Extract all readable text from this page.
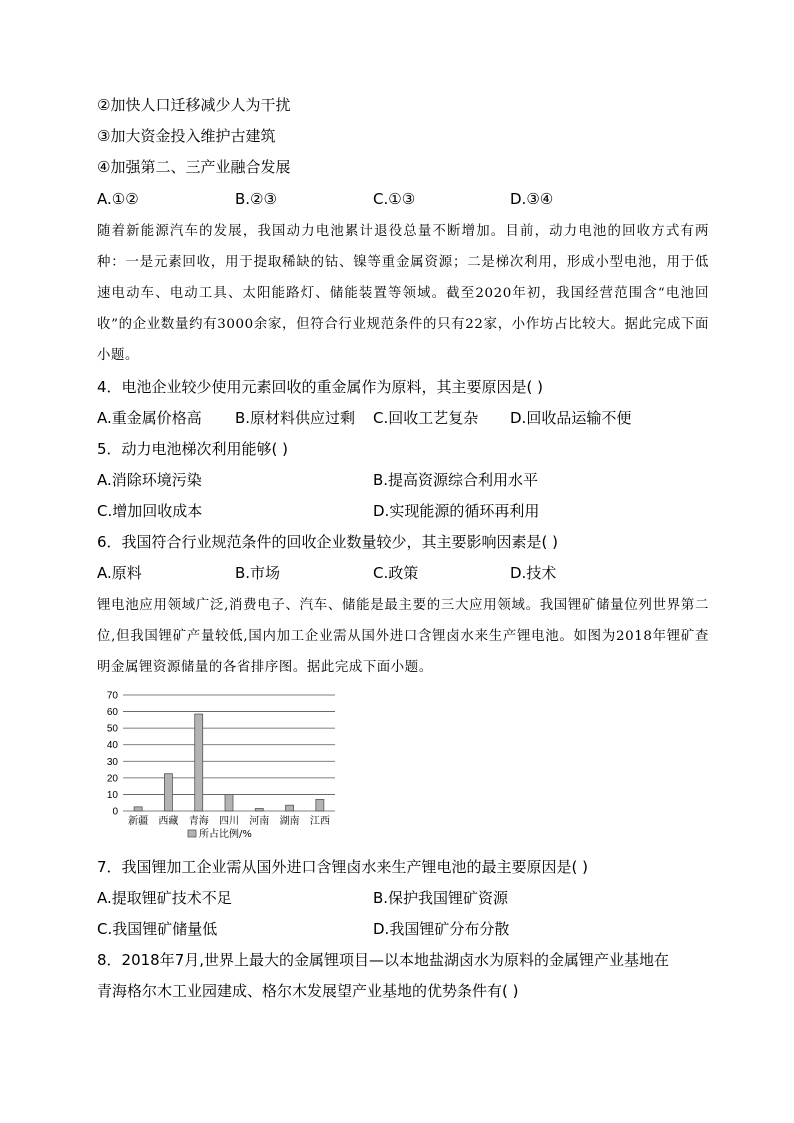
②加快人口迁移减少人为干扰
③加大资金投入维护古建筑
④加强第二、三产业融合发展
A.①②	B.②③	C.①③	D.③④
随着新能源汽车的发展，我国动力电池累计退役总量不断增加。目前，动力电池的回收方式有两种：一是元素回收，用于提取稀缺的钴、镍等重金属资源；二是梯次利用，形成小型电池，用于低速电动车、电动工具、太阳能路灯、储能装置等领域。截至2020年初，我国经营范围含“电池回收”的企业数量约有3000余家，但符合行业规范条件的只有22家，小作坊占比较大。据此完成下面小题。
4．电池企业较少使用元素回收的重金属作为原料，其主要原因是( )
A.重金属价格高 B.原材料供应过剩 C.回收工艺复杂 D.回收品运输不便
5．动力电池梯次利用能够( )
A.消除环境污染	B.提高资源综合利用水平
C.增加回收成本	D.实现能源的循环再利用
6．我国符合行业规范条件的回收企业数量较少，其主要影响因素是( )
A.原料	B.市场	C.政策	D.技术
锂电池应用领域广泛,消费电子、汽车、储能是最主要的三大应用领域。我国锂矿储量位列世界第二位,但我国锂矿产量较低,国内加工企业需从国外进口含锂卤水来生产锂电池。如图为2018年锂矿查明金属锂资源储量的各省排序图。据此完成下面小题。
0
10
20
30
40
50
60
70
新疆 西藏 青海 四川 河南 湖南 江西
所占比例/%
7．我国锂加工企业需从国外进口含锂卤水来生产锂电池的最主要原因是( )
A.提取锂矿技术不足	B.保护我国锂矿资源
C.我国锂矿储量低	D.我国锂矿分布分散
8．2018年7月,世界上最大的金属锂项目—以本地盐湖卤水为原料的金属锂产业基地在
青海格尔木工业园建成、格尔木发展望产业基地的优势条件有( )
